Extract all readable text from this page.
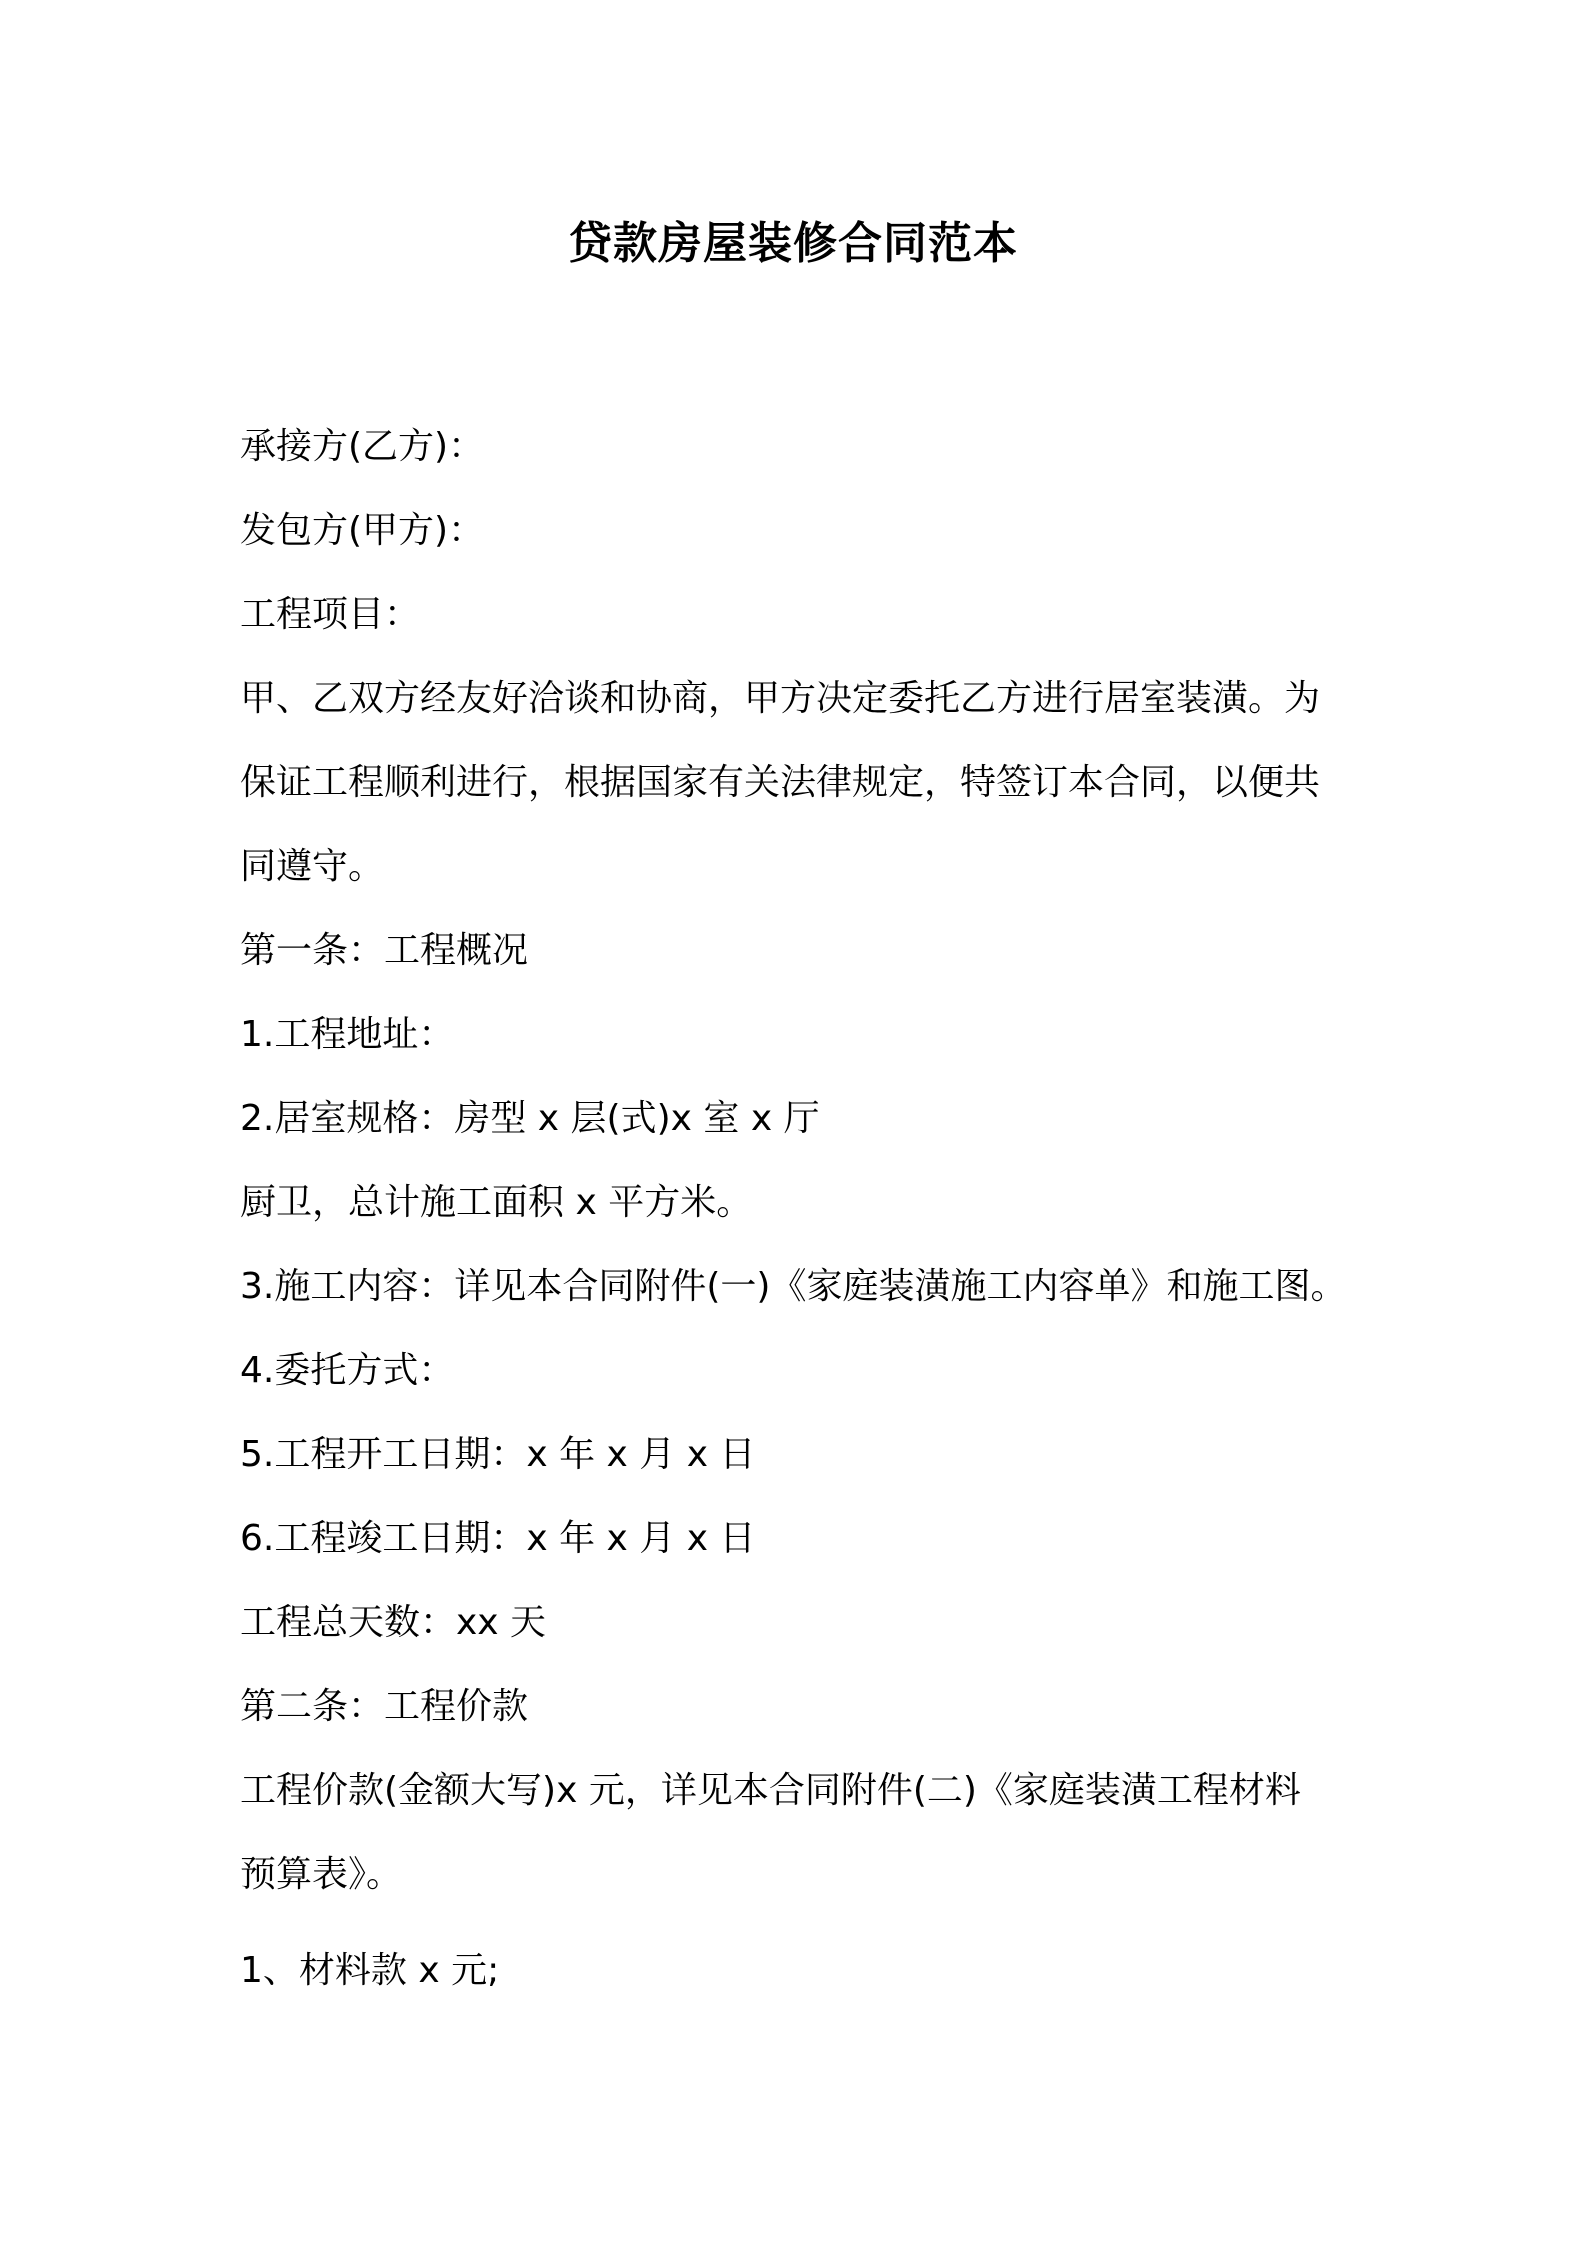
贷款房屋装修合同范本

承接方(乙方)：

发包方(甲方)：

工程项目：

甲、乙双方经友好洽谈和协商，甲方决定委托乙方进行居室装潢。为

保证工程顺利进行，根据国家有关法律规定，特签订本合同，以便共

同遵守。

第一条：工程概况

1.工程地址：

2.居室规格：房型 x 层(式)x 室 x 厅

厨卫，总计施工面积 x 平方米。

3.施工内容：详见本合同附件(一)《家庭装潢施工内容单》和施工图。

4.委托方式：

5.工程开工日期：x 年 x 月 x 日

6.工程竣工日期：x 年 x 月 x 日

工程总天数：xx 天

第二条：工程价款

工程价款(金额大写)x 元，详见本合同附件(二)《家庭装潢工程材料

预算表》。

1、材料款 x 元;
